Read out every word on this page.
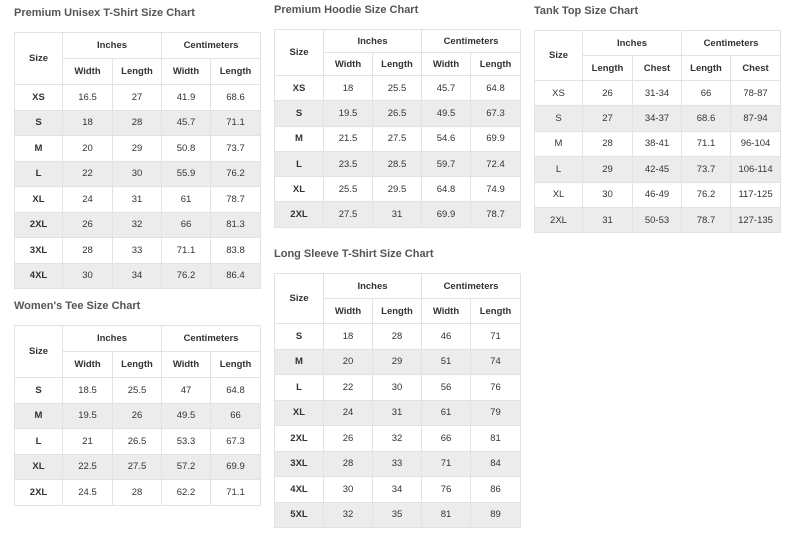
Premium Unisex T-Shirt Size Chart
Size	Inches		Centimeters	
	Width	Length	Width	Length
XS	16.5	27	41.9	68.6
S	18	28	45.7	71.1
M	20	29	50.8	73.7
L	22	30	55.9	76.2
XL	24	31	61	78.7
2XL	26	32	66	81.3
3XL	28	33	71.1	83.8
4XL	30	34	76.2	86.4
Women's Tee Size Chart
Size	Inches		Centimeters	
	Width	Length	Width	Length
S	18.5	25.5	47	64.8
M	19.5	26	49.5	66
L	21	26.5	53.3	67.3
XL	22.5	27.5	57.2	69.9
2XL	24.5	28	62.2	71.1
Premium Hoodie Size Chart
Size	Inches		Centimeters	
	Width	Length	Width	Length
XS	18	25.5	45.7	64.8
S	19.5	26.5	49.5	67.3
M	21.5	27.5	54.6	69.9
L	23.5	28.5	59.7	72.4
XL	25.5	29.5	64.8	74.9
2XL	27.5	31	69.9	78.7
Long Sleeve T-Shirt Size Chart
Size	Inches		Centimeters	
	Width	Length	Width	Length
S	18	28	46	71
M	20	29	51	74
L	22	30	56	76
XL	24	31	61	79
2XL	26	32	66	81
3XL	28	33	71	84
4XL	30	34	76	86
5XL	32	35	81	89
Tank Top Size Chart
Size	Inches		Centimeters	
	Length	Chest	Length	Chest
XS	26	31-34	66	78-87
S	27	34-37	68.6	87-94
M	28	38-41	71.1	96-104
L	29	42-45	73.7	106-114
XL	30	46-49	76.2	117-125
2XL	31	50-53	78.7	127-135
